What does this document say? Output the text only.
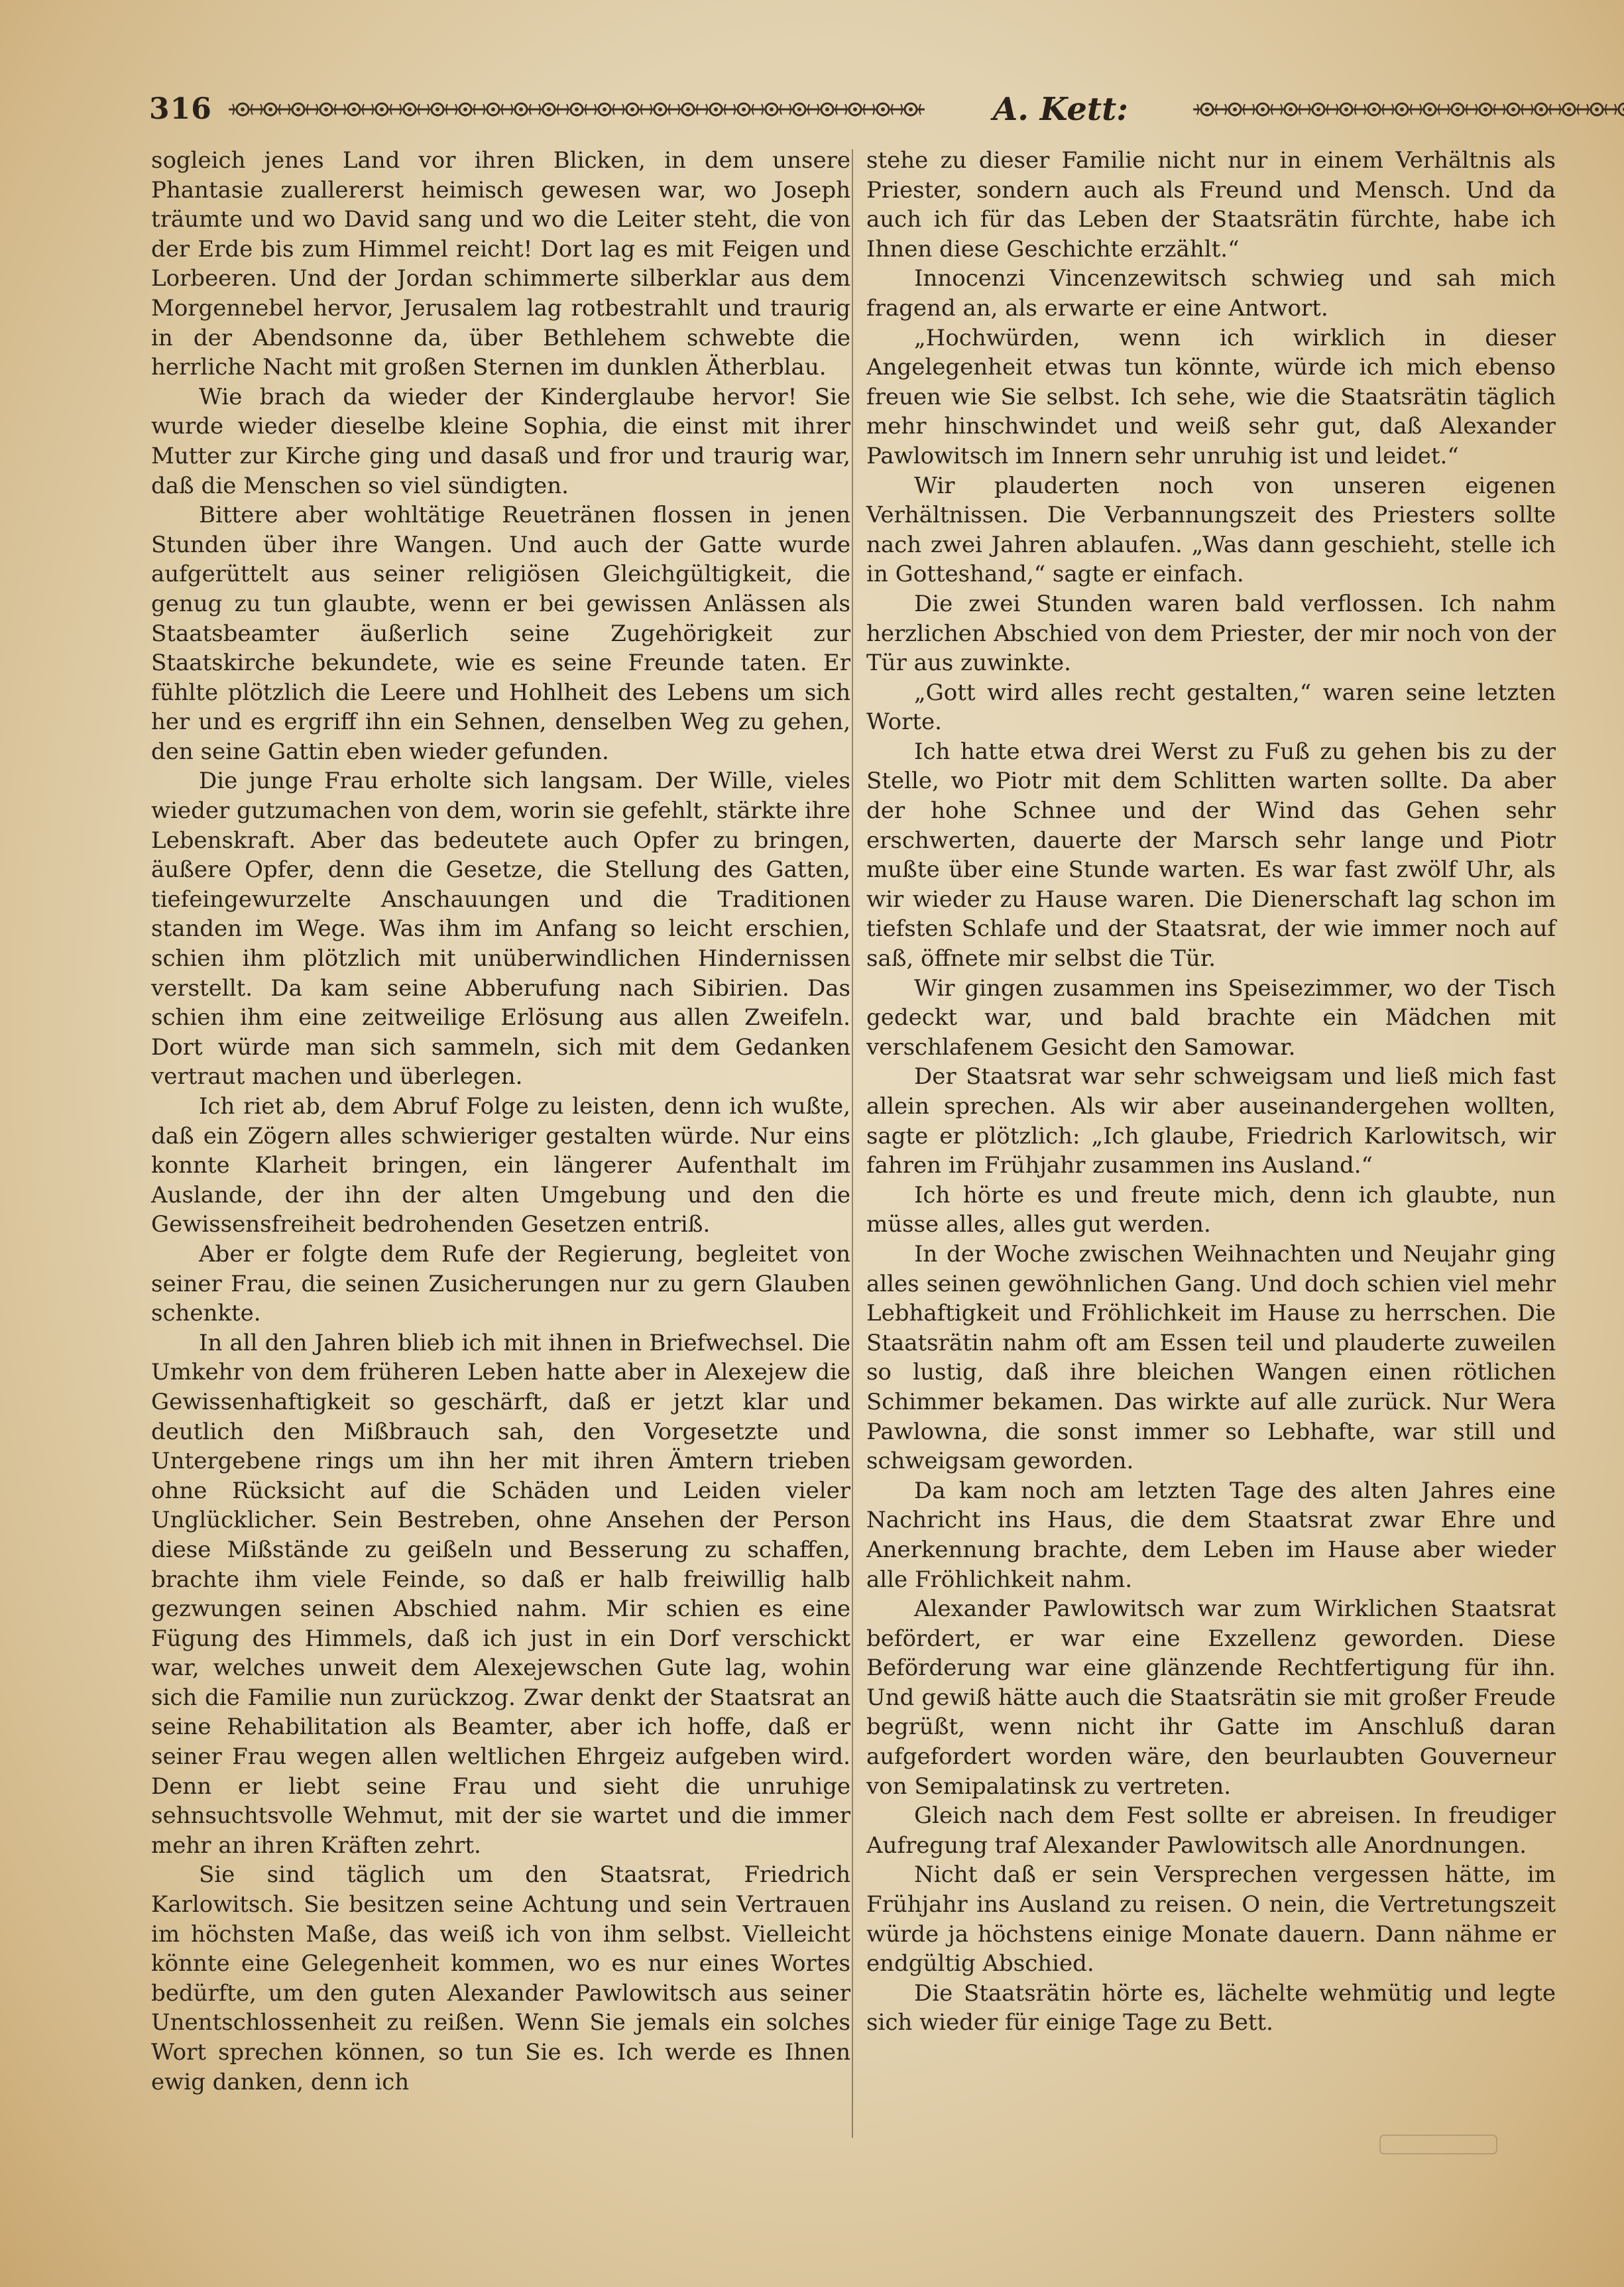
316	A. Kett:

sogleich jenes Land vor ihren Blicken, in dem unsere Phantasie zuallererst heimisch gewesen war, wo Joseph träumte und wo David sang und wo die Leiter steht, die von der Erde bis zum Himmel reicht! Dort lag es mit Feigen und Lorbeeren. Und der Jordan schimmerte silberklar aus dem Morgennebel hervor, Jerusalem lag rotbestrahlt und traurig in der Abendsonne da, über Bethlehem schwebte die herrliche Nacht mit großen Sternen im dunklen Ätherblau.

Wie brach da wieder der Kinderglaube hervor! Sie wurde wieder dieselbe kleine Sophia, die einst mit ihrer Mutter zur Kirche ging und dasaß und fror und traurig war, daß die Menschen so viel sündigten.

Bittere aber wohltätige Reuetränen flossen in jenen Stunden über ihre Wangen. Und auch der Gatte wurde aufgerüttelt aus seiner religiösen Gleichgültigkeit, die genug zu tun glaubte, wenn er bei gewissen Anlässen als Staatsbeamter äußerlich seine Zugehörigkeit zur Staatskirche bekundete, wie es seine Freunde taten. Er fühlte plötzlich die Leere und Hohlheit des Lebens um sich her und es ergriff ihn ein Sehnen, denselben Weg zu gehen, den seine Gattin eben wieder gefunden.

Die junge Frau erholte sich langsam. Der Wille, vieles wieder gutzumachen von dem, worin sie gefehlt, stärkte ihre Lebenskraft. Aber das bedeutete auch Opfer zu bringen, äußere Opfer, denn die Gesetze, die Stellung des Gatten, tiefeingewurzelte Anschauungen und die Traditionen standen im Wege. Was ihm im Anfang so leicht erschien, schien ihm plötzlich mit unüberwindlichen Hindernissen verstellt. Da kam seine Abberufung nach Sibirien. Das schien ihm eine zeitweilige Erlösung aus allen Zweifeln. Dort würde man sich sammeln, sich mit dem Gedanken vertraut machen und überlegen.

Ich riet ab, dem Abruf Folge zu leisten, denn ich wußte, daß ein Zögern alles schwieriger gestalten würde. Nur eins konnte Klarheit bringen, ein längerer Aufenthalt im Auslande, der ihn der alten Umgebung und den die Gewissensfreiheit bedrohenden Gesetzen entriß.

Aber er folgte dem Rufe der Regierung, begleitet von seiner Frau, die seinen Zusicherungen nur zu gern Glauben schenkte.

In all den Jahren blieb ich mit ihnen in Briefwechsel. Die Umkehr von dem früheren Leben hatte aber in Alexejew die Gewissenhaftigkeit so geschärft, daß er jetzt klar und deutlich den Mißbrauch sah, den Vorgesetzte und Untergebene rings um ihn her mit ihren Ämtern trieben ohne Rücksicht auf die Schäden und Leiden vieler Unglücklicher. Sein Bestreben, ohne Ansehen der Person diese Mißstände zu geißeln und Besserung zu schaffen, brachte ihm viele Feinde, so daß er halb freiwillig halb gezwungen seinen Abschied nahm. Mir schien es eine Fügung des Himmels, daß ich just in ein Dorf verschickt war, welches unweit dem Alexejewschen Gute lag, wohin sich die Familie nun zurückzog. Zwar denkt der Staatsrat an seine Rehabilitation als Beamter, aber ich hoffe, daß er seiner Frau wegen allen weltlichen Ehrgeiz aufgeben wird. Denn er liebt seine Frau und sieht die unruhige sehnsuchtsvolle Wehmut, mit der sie wartet und die immer mehr an ihren Kräften zehrt.

Sie sind täglich um den Staatsrat, Friedrich Karlowitsch. Sie besitzen seine Achtung und sein Vertrauen im höchsten Maße, das weiß ich von ihm selbst. Vielleicht könnte eine Gelegenheit kommen, wo es nur eines Wortes bedürfte, um den guten Alexander Pawlowitsch aus seiner Unentschlossenheit zu reißen. Wenn Sie jemals ein solches Wort sprechen können, so tun Sie es. Ich werde es Ihnen ewig danken, denn ich

stehe zu dieser Familie nicht nur in einem Verhältnis als Priester, sondern auch als Freund und Mensch. Und da auch ich für das Leben der Staatsrätin fürchte, habe ich Ihnen diese Geschichte erzählt.“

Innocenzi Vincenzewitsch schwieg und sah mich fragend an, als erwarte er eine Antwort.

„Hochwürden, wenn ich wirklich in dieser Angelegenheit etwas tun könnte, würde ich mich ebenso freuen wie Sie selbst. Ich sehe, wie die Staatsrätin täglich mehr hinschwindet und weiß sehr gut, daß Alexander Pawlowitsch im Innern sehr unruhig ist und leidet.“

Wir plauderten noch von unseren eigenen Verhältnissen. Die Verbannungszeit des Priesters sollte nach zwei Jahren ablaufen. „Was dann geschieht, stelle ich in Gotteshand,“ sagte er einfach.

Die zwei Stunden waren bald verflossen. Ich nahm herzlichen Abschied von dem Priester, der mir noch von der Tür aus zuwinkte.

„Gott wird alles recht gestalten,“ waren seine letzten Worte.

Ich hatte etwa drei Werst zu Fuß zu gehen bis zu der Stelle, wo Piotr mit dem Schlitten warten sollte. Da aber der hohe Schnee und der Wind das Gehen sehr erschwerten, dauerte der Marsch sehr lange und Piotr mußte über eine Stunde warten. Es war fast zwölf Uhr, als wir wieder zu Hause waren. Die Dienerschaft lag schon im tiefsten Schlafe und der Staatsrat, der wie immer noch auf saß, öffnete mir selbst die Tür.

Wir gingen zusammen ins Speisezimmer, wo der Tisch gedeckt war, und bald brachte ein Mädchen mit verschlafenem Gesicht den Samowar.

Der Staatsrat war sehr schweigsam und ließ mich fast allein sprechen. Als wir aber auseinandergehen wollten, sagte er plötzlich: „Ich glaube, Friedrich Karlowitsch, wir fahren im Frühjahr zusammen ins Ausland.“

Ich hörte es und freute mich, denn ich glaubte, nun müsse alles, alles gut werden.

In der Woche zwischen Weihnachten und Neujahr ging alles seinen gewöhnlichen Gang. Und doch schien viel mehr Lebhaftigkeit und Fröhlichkeit im Hause zu herrschen. Die Staatsrätin nahm oft am Essen teil und plauderte zuweilen so lustig, daß ihre bleichen Wangen einen rötlichen Schimmer bekamen. Das wirkte auf alle zurück. Nur Wera Pawlowna, die sonst immer so Lebhafte, war still und schweigsam geworden.

Da kam noch am letzten Tage des alten Jahres eine Nachricht ins Haus, die dem Staatsrat zwar Ehre und Anerkennung brachte, dem Leben im Hause aber wieder alle Fröhlichkeit nahm.

Alexander Pawlowitsch war zum Wirklichen Staatsrat befördert, er war eine Exzellenz geworden. Diese Beförderung war eine glänzende Rechtfertigung für ihn. Und gewiß hätte auch die Staatsrätin sie mit großer Freude begrüßt, wenn nicht ihr Gatte im Anschluß daran aufgefordert worden wäre, den beurlaubten Gouverneur von Semipalatinsk zu vertreten.

Gleich nach dem Fest sollte er abreisen. In freudiger Aufregung traf Alexander Pawlowitsch alle Anordnungen.

Nicht daß er sein Versprechen vergessen hätte, im Frühjahr ins Ausland zu reisen. O nein, die Vertretungszeit würde ja höchstens einige Monate dauern. Dann nähme er endgültig Abschied.

Die Staatsrätin hörte es, lächelte wehmütig und legte sich wieder für einige Tage zu Bett.
